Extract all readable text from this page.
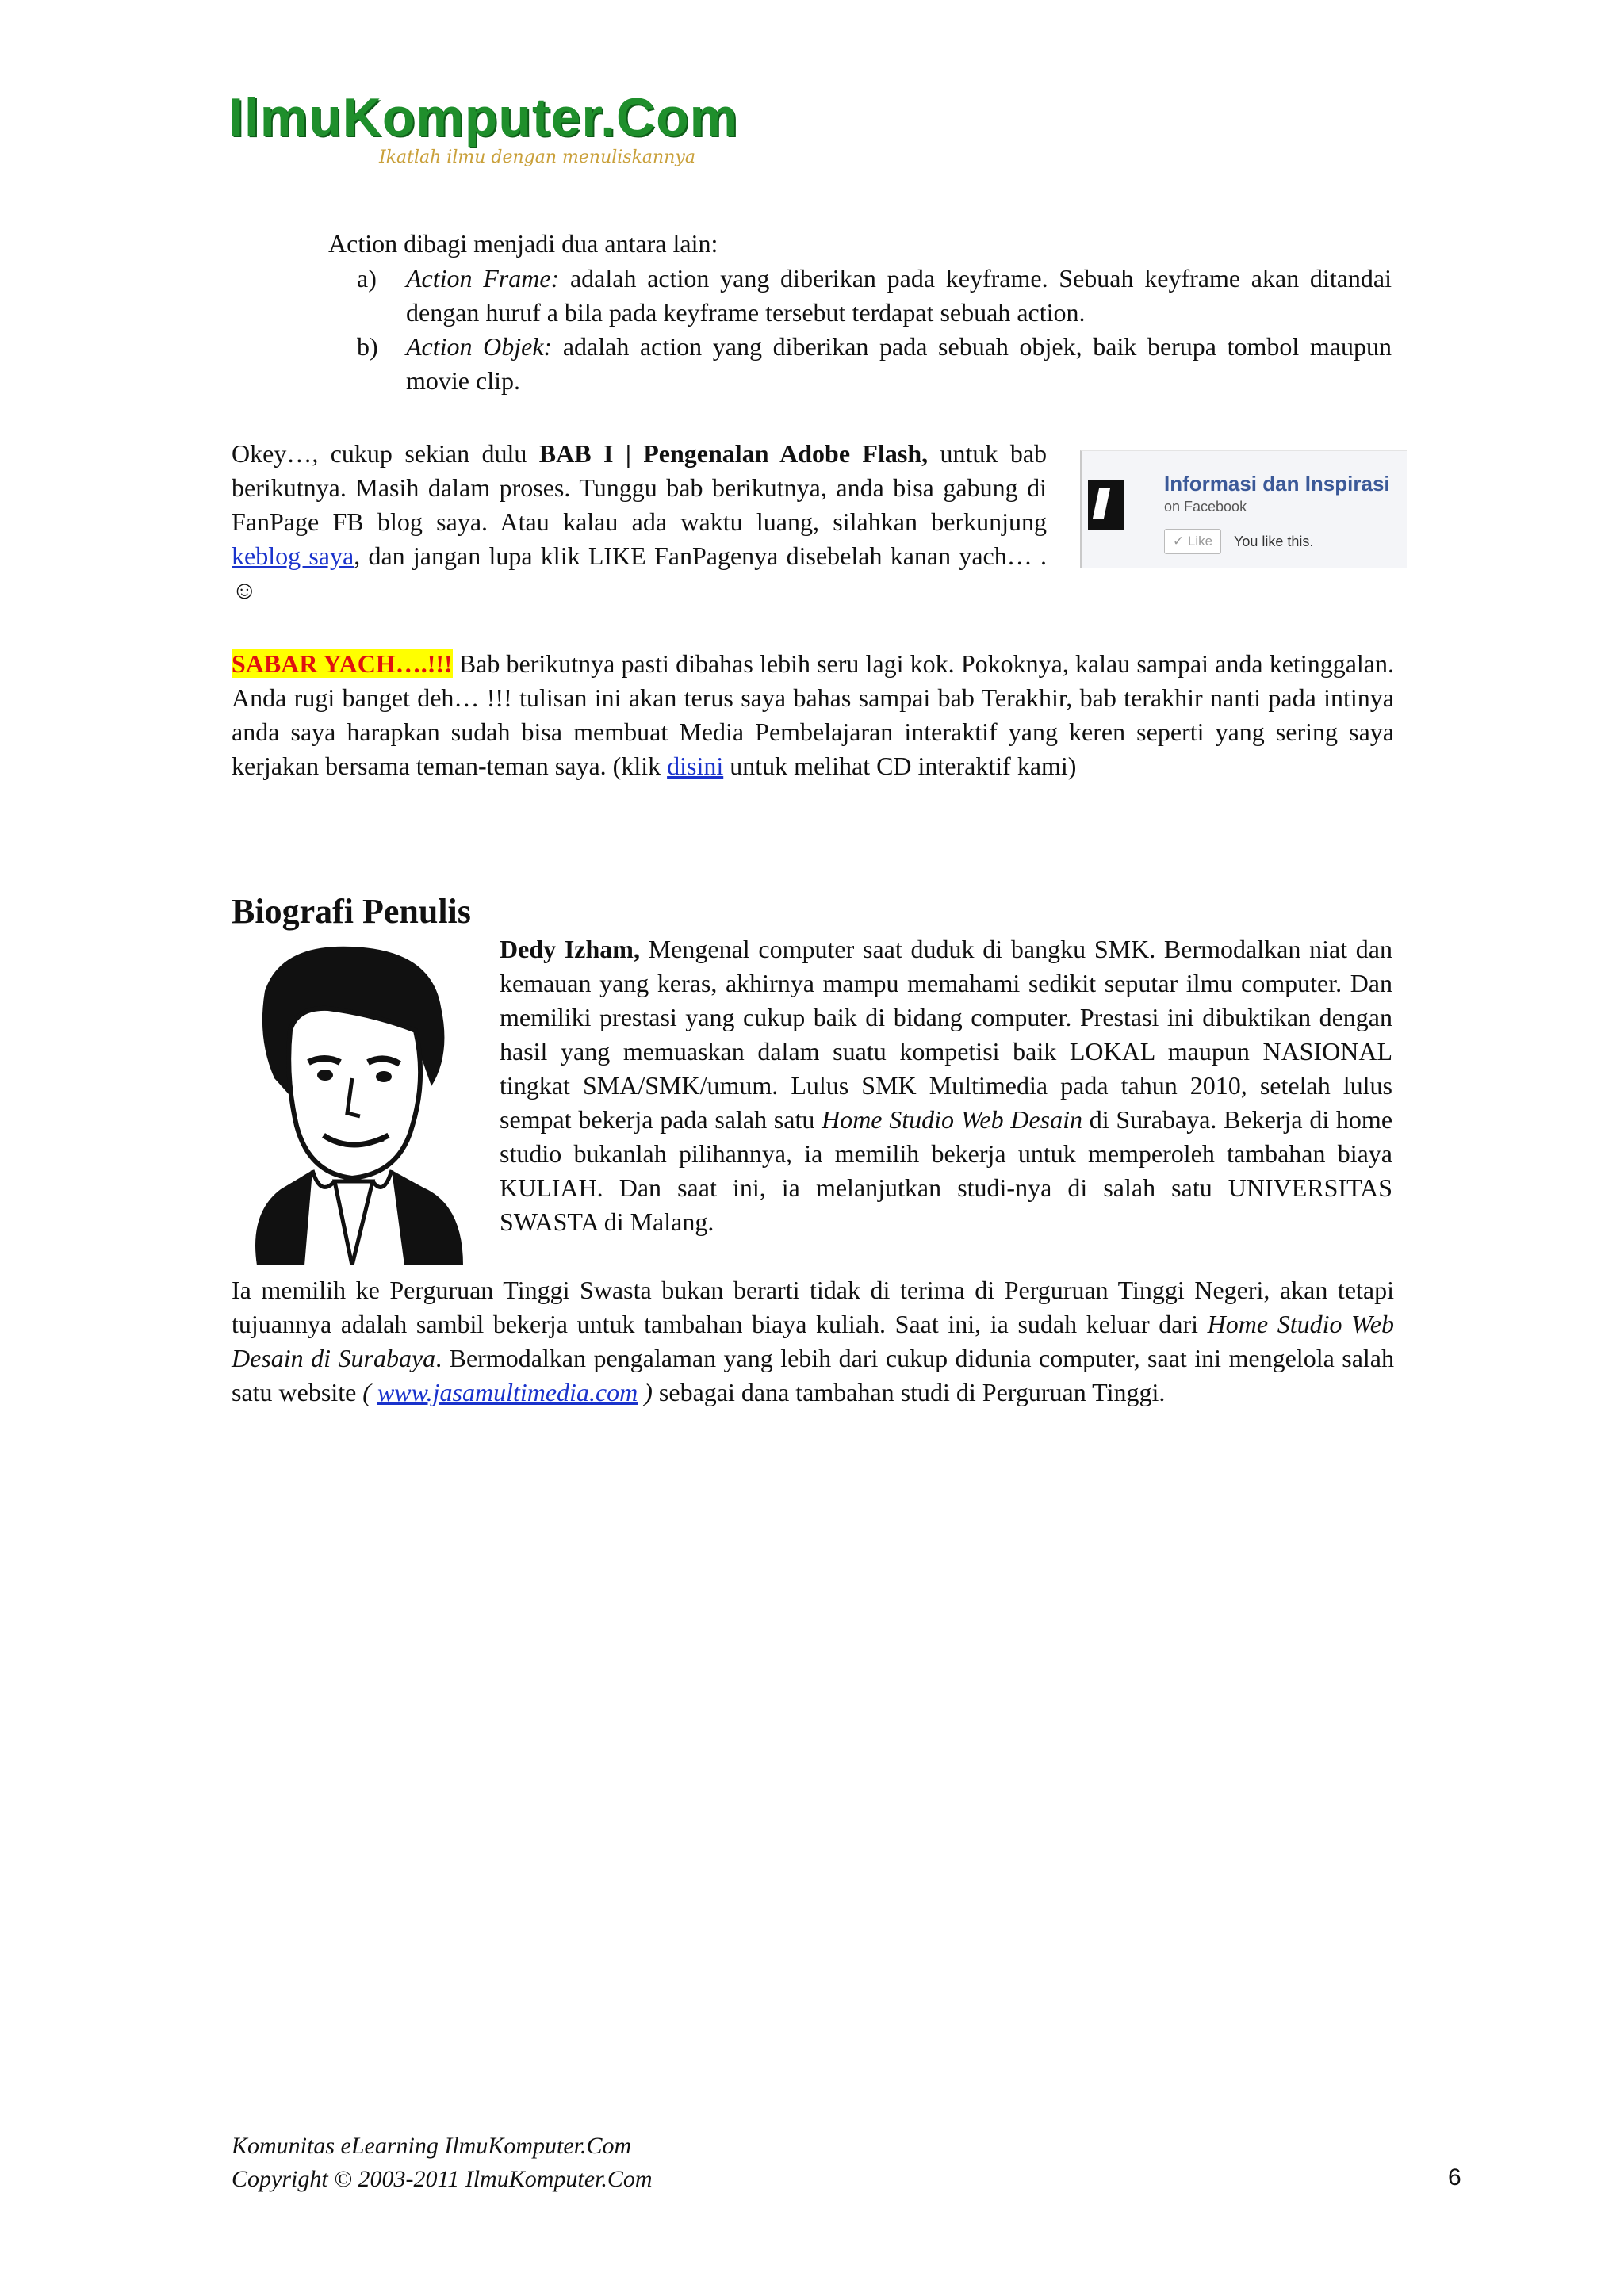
IlmuKomputer.Com
Ikatlah ilmu dengan menuliskannya
Action dibagi menjadi dua antara lain:
a) Action Frame: adalah action yang diberikan pada keyframe. Sebuah keyframe akan ditandai dengan huruf a bila pada keyframe tersebut terdapat sebuah action.
b) Action Objek: adalah action yang diberikan pada sebuah objek, baik berupa tombol maupun movie clip.

Okey…, cukup sekian dulu BAB I | Pengenalan Adobe Flash, untuk bab berikutnya. Masih dalam proses. Tunggu bab berikutnya, anda bisa gabung di FanPage FB blog saya. Atau kalau ada waktu luang, silahkan berkunjung keblog saya, dan jangan lupa klik LIKE FanPagenya disebelah kanan yach… . ☺

Informasi dan Inspirasi
on Facebook
✓ Like	You like this.

SABAR YACH….!!! Bab berikutnya pasti dibahas lebih seru lagi kok. Pokoknya, kalau sampai anda ketinggalan. Anda rugi banget deh… !!! tulisan ini akan terus saya bahas sampai bab Terakhir, bab terakhir nanti pada intinya anda saya harapkan sudah bisa membuat Media Pembelajaran interaktif yang keren seperti yang sering saya kerjakan bersama teman-teman saya. (klik disini untuk melihat CD interaktif kami)

Biografi Penulis

Dedy Izham, Mengenal computer saat duduk di bangku SMK. Bermodalkan niat dan kemauan yang keras, akhirnya mampu memahami sedikit seputar ilmu computer. Dan memiliki prestasi yang cukup baik di bidang computer. Prestasi ini dibuktikan dengan hasil yang memuaskan dalam suatu kompetisi baik LOKAL maupun NASIONAL tingkat SMA/SMK/umum. Lulus SMK Multimedia pada tahun 2010, setelah lulus sempat bekerja pada salah satu Home Studio Web Desain di Surabaya. Bekerja di home studio bukanlah pilihannya, ia memilih bekerja untuk memperoleh tambahan biaya KULIAH. Dan saat ini, ia melanjutkan studi-nya di salah satu UNIVERSITAS SWASTA di Malang.

Ia memilih ke Perguruan Tinggi Swasta bukan berarti tidak di terima di Perguruan Tinggi Negeri, akan tetapi tujuannya adalah sambil bekerja untuk tambahan biaya kuliah. Saat ini, ia sudah keluar dari Home Studio Web Desain di Surabaya. Bermodalkan pengalaman yang lebih dari cukup didunia computer, saat ini mengelola salah satu website ( www.jasamultimedia.com ) sebagai dana tambahan studi di Perguruan Tinggi.

Komunitas eLearning IlmuKomputer.Com
Copyright © 2003-2011 IlmuKomputer.Com	6
